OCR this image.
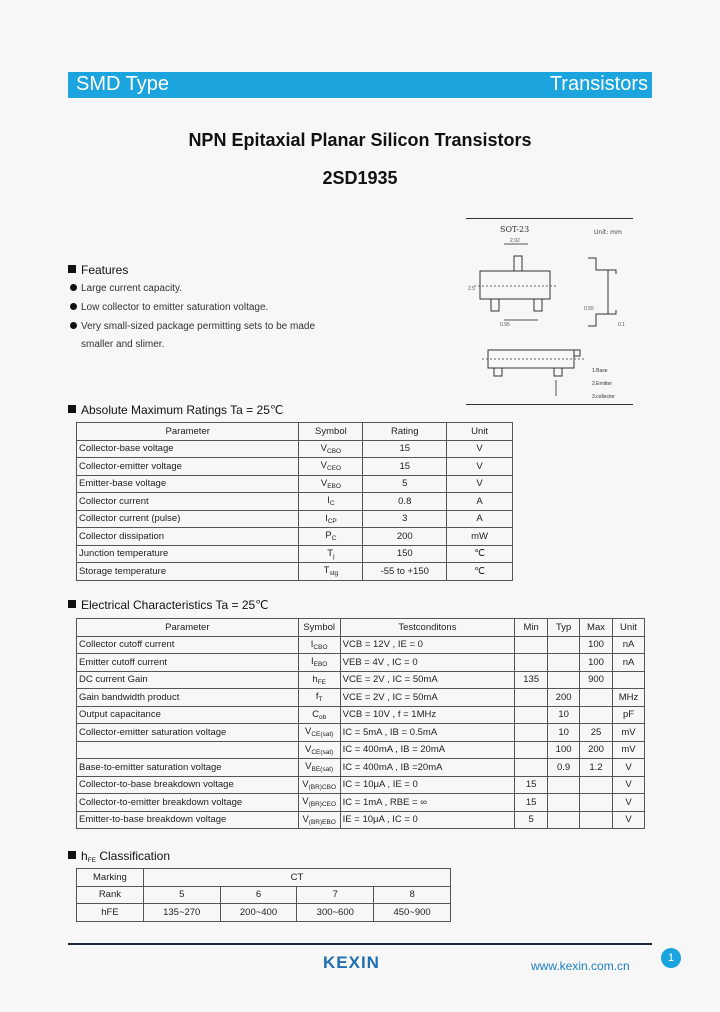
SMD Type	Transistors
NPN Epitaxial Planar Silicon Transistors
2SD1935
Features
Large current capacity.
Low collector to emitter saturation voltage.
Very small-sized package permitting sets to be made
smaller and slimer.
SOT-23	Unit: mm
2.92
0.95
2.5
0.55
0.1
1.Base
2.Emitter
3.collector
Absolute Maximum Ratings Ta = 25℃
Parameter	Symbol	Rating	Unit
Collector-base voltage	$V_{CBO}$	15	V
Collector-emitter voltage	$V_{CEO}$	15	V
Emitter-base voltage	$V_{EBO}$	5	V
Collector current	$I_C$	0.8	A
Collector current (pulse)	$I_{CP}$	3	A
Collector dissipation	$P_C$	200	mW
Junction temperature	$T_j$	150	℃
Storage temperature	$T_{stg}$	-55 to +150	℃
Electrical Characteristics Ta = 25℃
Parameter	Symbol	Testconditons	Min	Typ	Max	Unit
Collector cutoff current	$I_{CBO}$	VCB = 12V , IE = 0			100	nA
Emitter cutoff current	$I_{EBO}$	VEB = 4V , IC = 0			100	nA
DC current Gain	$h_{FE}$	VCE = 2V , IC = 50mA	135		900	
Gain bandwidth product	$f_T$	VCE = 2V , IC = 50mA		200		MHz
Output capacitance	$C_{ob}$	VCB = 10V , f = 1MHz		10		pF
Collector-emitter saturation voltage	$V_{CE(sat)}$	IC = 5mA , IB = 0.5mA		10	25	mV
	$V_{CE(sat)}$	IC = 400mA , IB = 20mA		100	200	mV
Base-to-emitter saturation voltage	$V_{BE(sat)}$	IC = 400mA , IB =20mA		0.9	1.2	V
Collector-to-base breakdown voltage	$V_{(BR)CBO}$	IC = 10μA , IE = 0	15			V
Collector-to-emitter breakdown voltage	$V_{(BR)CEO}$	IC = 1mA , RBE = ∞	15			V
Emitter-to-base breakdown voltage	$V_{(BR)EBO}$	IE = 10μA , IC = 0	5			V
$h_{FE}$ Classification
Marking	CT			
Rank	5	6	7	8
hFE	135~270	200~400	300~600	450~900
1
KEXIN	www.kexin.com.cn
